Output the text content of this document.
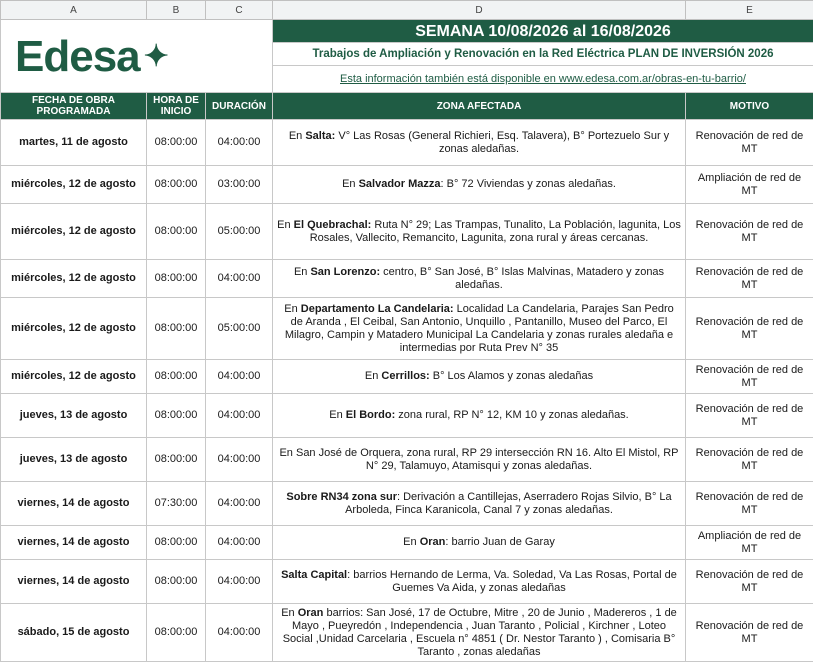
A	B	C	D	E

Edesa ✦			SEMANA 10/08/2026 al 16/08/2026	
			Trabajos de Ampliación y Renovación en la Red Eléctrica PLAN DE INVERSIÓN 2026	
			Esta información también está disponible en www.edesa.com.ar/obras-en-tu-barrio/	
FECHA DE OBRA PROGRAMADA	HORA DE INICIO	DURACIÓN	ZONA AFECTADA	MOTIVO
martes, 11 de agosto	08:00:00	04:00:00	En Salta: V° Las Rosas (General Richieri, Esq. Talavera), B° Portezuelo Sur y zonas aledañas.	Renovación de red de MT
miércoles, 12 de agosto	08:00:00	03:00:00	En Salvador Mazza: B° 72 Viviendas y zonas aledañas.	Ampliación de red de MT
miércoles, 12 de agosto	08:00:00	05:00:00	En El Quebrachal: Ruta N° 29; Las Trampas, Tunalito, La Población, lagunita, Los Rosales, Vallecito, Remancito, Lagunita, zona rural y áreas cercanas.	Renovación de red de MT
miércoles, 12 de agosto	08:00:00	04:00:00	En San Lorenzo: centro, B° San José, B° Islas Malvinas, Matadero y zonas aledañas.	Renovación de red de MT
miércoles, 12 de agosto	08:00:00	05:00:00	En Departamento La Candelaria: Localidad La Candelaria, Parajes San Pedro de Aranda , El Ceibal, San Antonio, Unquillo , Pantanillo, Museo del Parco, El Milagro, Campin y Matadero Municipal La Candelaria y zonas rurales aledaña e intermedias por Ruta Prev N° 35	Renovación de red de MT
miércoles, 12 de agosto	08:00:00	04:00:00	En Cerrillos: B° Los Alamos y zonas aledañas	Renovación de red de MT
jueves, 13 de agosto	08:00:00	04:00:00	En El Bordo: zona rural, RP N° 12, KM 10 y zonas aledañas.	Renovación de red de MT
jueves, 13 de agosto	08:00:00	04:00:00	En San José de Orquera, zona rural, RP 29 intersección RN 16. Alto El Mistol, RP N° 29, Talamuyo, Atamisqui y zonas aledañas.	Renovación de red de MT
viernes, 14 de agosto	07:30:00	04:00:00	Sobre RN34 zona sur: Derivación a Cantillejas, Aserradero Rojas Silvio, B° La Arboleda, Finca Karanicola, Canal 7 y zonas aledañas.	Renovación de red de MT
viernes, 14 de agosto	08:00:00	04:00:00	En Oran: barrio Juan de Garay	Ampliación de red de MT
viernes, 14 de agosto	08:00:00	04:00:00	Salta Capital: barrios Hernando de Lerma, Va. Soledad, Va Las Rosas, Portal de Guemes Va Aida, y zonas aledañas	Renovación de red de MT
sábado, 15 de agosto	08:00:00	04:00:00	En Oran barrios: San José, 17 de Octubre, Mitre , 20 de Junio , Madereros , 1 de Mayo , Pueyredón , Independencia , Juan Taranto , Policial , Kirchner , Loteo Social ,Unidad Carcelaria , Escuela n° 4851 ( Dr. Nestor Taranto ) , Comisaria B° Taranto , zonas aledañas	Renovación de red de MT
